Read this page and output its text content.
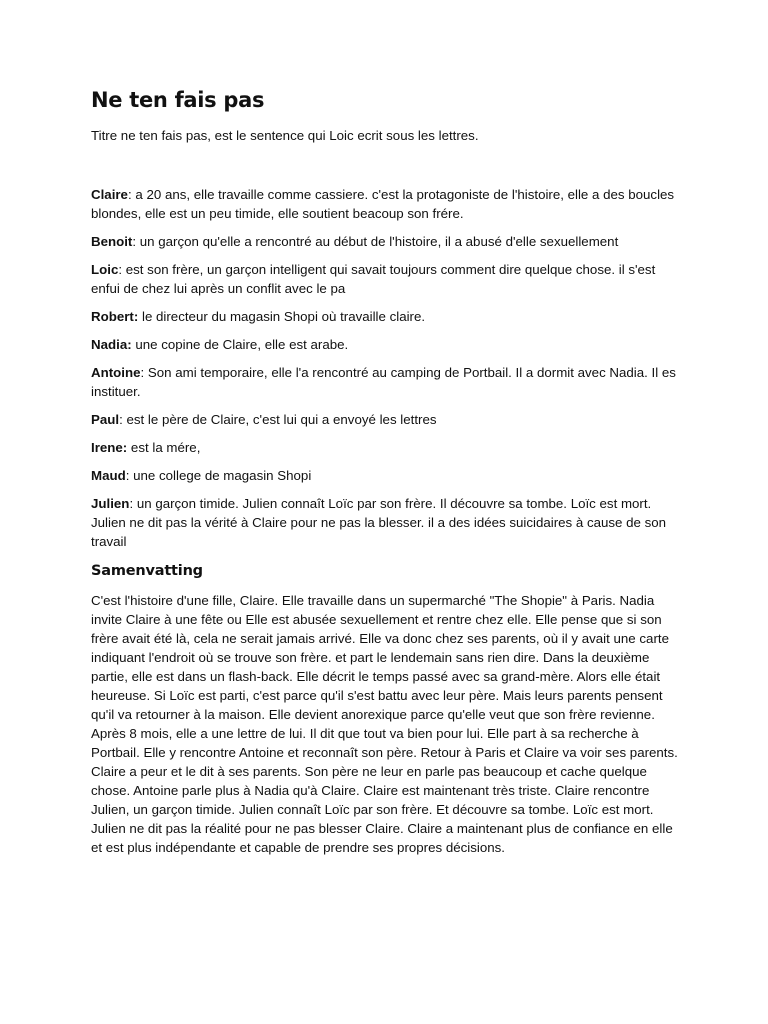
Ne ten fais pas

Titre ne ten fais pas, est le sentence qui Loic ecrit sous les lettres.

Claire: a 20 ans, elle travaille comme cassiere. c'est la protagoniste de l'histoire, elle a des boucles blondes, elle est un peu timide, elle soutient beacoup son frére.

Benoit: un garçon qu'elle a rencontré au début de l'histoire, il a abusé d'elle sexuellement

Loic: est son frère, un garçon intelligent qui savait toujours comment dire quelque chose. il s'est enfui de chez lui après un conflit avec le pa

Robert: le directeur du magasin Shopi où travaille claire.

Nadia: une copine de Claire, elle est arabe.

Antoine: Son ami temporaire, elle l'a rencontré au camping de Portbail. Il a dormit avec Nadia. Il es instituer.

Paul: est le père de Claire, c'est lui qui a envoyé les lettres

Irene: est la mére,

Maud: une college de magasin Shopi

Julien: un garçon timide. Julien connaît Loïc par son frère. Il découvre sa tombe. Loïc est mort. Julien ne dit pas la vérité à Claire pour ne pas la blesser. il a des idées suicidaires à cause de son travail

Samenvatting

C'est l'histoire d'une fille, Claire. Elle travaille dans un supermarché "The Shopie" à Paris. Nadia invite Claire à une fête ou Elle est abusée sexuellement et rentre chez elle. Elle pense que si son frère avait été là, cela ne serait jamais arrivé. Elle va donc chez ses parents, où il y avait une carte indiquant l'endroit où se trouve son frère. et part le lendemain sans rien dire. Dans la deuxième partie, elle est dans un flash-back. Elle décrit le temps passé avec sa grand-mère. Alors elle était heureuse. Si Loïc est parti, c'est parce qu'il s'est battu avec leur père. Mais leurs parents pensent qu'il va retourner à la maison. Elle devient anorexique parce qu'elle veut que son frère revienne. Après 8 mois, elle a une lettre de lui. Il dit que tout va bien pour lui. Elle part à sa recherche à Portbail. Elle y rencontre Antoine et reconnaît son père. Retour à Paris et Claire va voir ses parents. Claire a peur et le dit à ses parents. Son père ne leur en parle pas beaucoup et cache quelque chose. Antoine parle plus à Nadia qu'à Claire. Claire est maintenant très triste. Claire rencontre Julien, un garçon timide. Julien connaît Loïc par son frère. Et découvre sa tombe. Loïc est mort. Julien ne dit pas la réalité pour ne pas blesser Claire. Claire a maintenant plus de confiance en elle et est plus indépendante et capable de prendre ses propres décisions.
